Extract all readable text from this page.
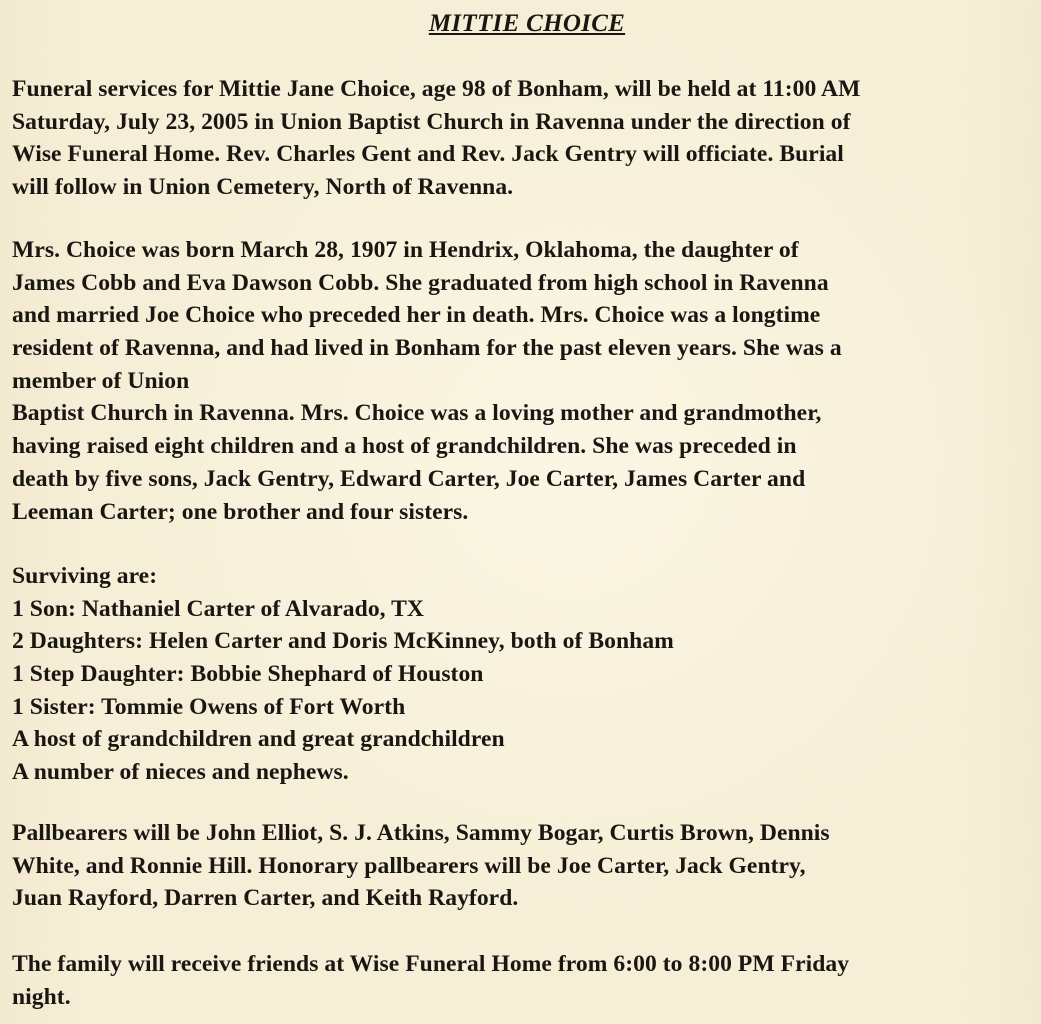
MITTIE CHOICE

Funeral services for Mittie Jane Choice, age 98 of Bonham, will be held at 11:00 AM
Saturday, July 23, 2005 in Union Baptist Church in Ravenna under the direction of
Wise Funeral Home. Rev. Charles Gent and Rev. Jack Gentry will officiate. Burial
will follow in Union Cemetery, North of Ravenna.

Mrs. Choice was born March 28, 1907 in Hendrix, Oklahoma, the daughter of
James Cobb and Eva Dawson Cobb. She graduated from high school in Ravenna
and married Joe Choice who preceded her in death. Mrs. Choice was a longtime
resident of Ravenna, and had lived in Bonham for the past eleven years. She was a
member of Union
Baptist Church in Ravenna. Mrs. Choice was a loving mother and grandmother,
having raised eight children and a host of grandchildren. She was preceded in
death by five sons, Jack Gentry, Edward Carter, Joe Carter, James Carter and
Leeman Carter; one brother and four sisters.

Surviving are:
1 Son: Nathaniel Carter of Alvarado, TX
2 Daughters: Helen Carter and Doris McKinney, both of Bonham
1 Step Daughter: Bobbie Shephard of Houston
1 Sister: Tommie Owens of Fort Worth
A host of grandchildren and great grandchildren
A number of nieces and nephews.

Pallbearers will be John Elliot, S. J. Atkins, Sammy Bogar, Curtis Brown, Dennis
White, and Ronnie Hill. Honorary pallbearers will be Joe Carter, Jack Gentry,
Juan Rayford, Darren Carter, and Keith Rayford.

The family will receive friends at Wise Funeral Home from 6:00 to 8:00 PM Friday
night.
